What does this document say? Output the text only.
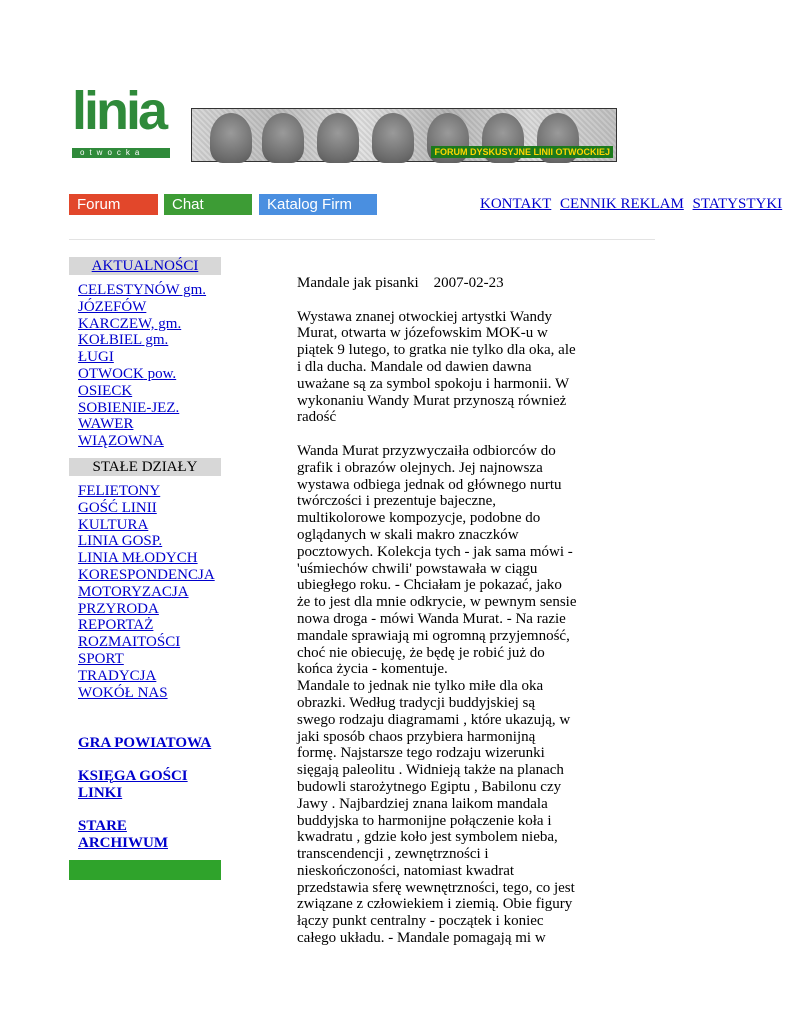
linia
otwocka	FORUM DYSKUSYJNE LINII OTWOCKIEJ
Forum	Chat	Katalog Firm	KONTAKT CENNIK REKLAM STATYSTYKI
AKTUALNOŚCI
CELESTYNÓW gm.
JÓZEFÓW
KARCZEW, gm.
KOŁBIEL gm.
ŁUGI
OTWOCK pow.
OSIECK
SOBIENIE-JEZ.
WAWER
WIĄZOWNA
STAŁE DZIAŁY
FELIETONY
GOŚĆ LINII
KULTURA
LINIA GOSP.
LINIA MŁODYCH
KORESPONDENCJA
MOTORYZACJA
PRZYRODA
REPORTAŻ
ROZMAITOŚCI
SPORT
TRADYCJA
WOKÓŁ NAS
GRA POWIATOWA
KSIĘGA GOŚCI
LINKI
STARE
ARCHIWUM

Mandale jak pisanki 2007-02-23

Wystawa znanej otwockiej artystki Wandy Murat, otwarta w józefowskim MOK-u w piątek 9 lutego, to gratka nie tylko dla oka, ale i dla ducha. Mandale od dawien dawna uważane są za symbol spokoju i harmonii. W wykonaniu Wandy Murat przynoszą również radość

Wanda Murat przyzwyczaiła odbiorców do grafik i obrazów olejnych. Jej najnowsza wystawa odbiega jednak od głównego nurtu twórczości i prezentuje bajeczne, multikolorowe kompozycje, podobne do oglądanych w skali makro znaczków pocztowych. Kolekcja tych - jak sama mówi - 'uśmiechów chwili' powstawała w ciągu ubiegłego roku. - Chciałam je pokazać, jako że to jest dla mnie odkrycie, w pewnym sensie nowa droga - mówi Wanda Murat. - Na razie mandale sprawiają mi ogromną przyjemność, choć nie obiecuję, że będę je robić już do końca życia - komentuje.

Mandale to jednak nie tylko miłe dla oka obrazki. Według tradycji buddyjskiej są swego rodzaju diagramami , które ukazują, w jaki sposób chaos przybiera harmonijną formę. Najstarsze tego rodzaju wizerunki sięgają paleolitu . Widnieją także na planach budowli starożytnego Egiptu , Babilonu czy Jawy . Najbardziej znana laikom mandala buddyjska to harmonijne połączenie koła i kwadratu , gdzie koło jest symbolem nieba, transcendencji , zewnętrzności i nieskończoności, natomiast kwadrat przedstawia sferę wewnętrzności, tego, co jest związane z człowiekiem i ziemią. Obie figury łączy punkt centralny - początek i koniec całego układu. - Mandale pomagają mi w
